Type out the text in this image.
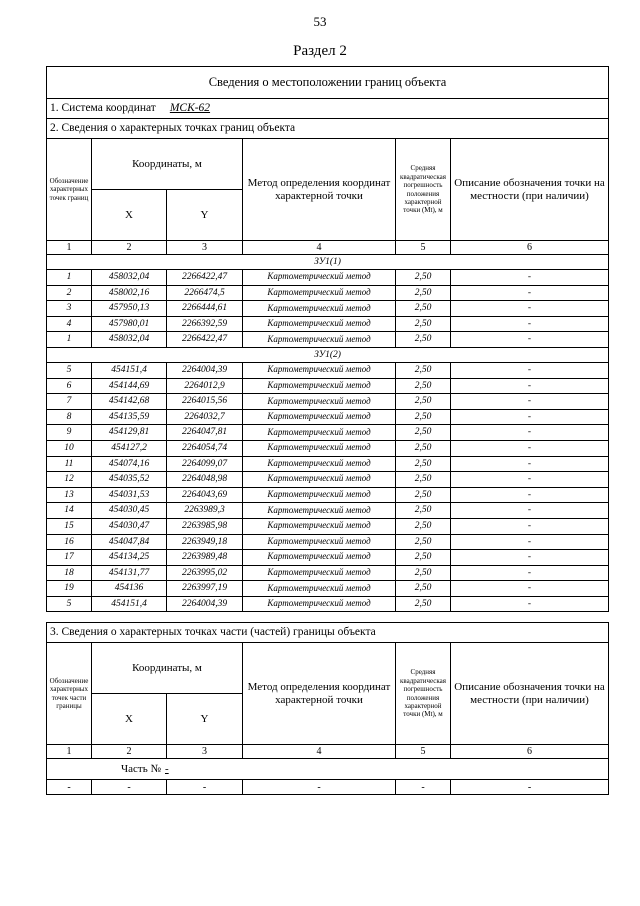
53
Раздел 2
Сведения о местоположении границ объекта					
1. Система координат МСК-62					
2. Сведения о характерных точках границ объекта					
Обозначение характерных точек границ	Координаты, м		Метод определения координат характерной точки	Средняя квадратическая погрешность положения характерной точки (Mt), м	Описание обозначения точки на местности (при наличии)
	X	Y			
1	2	3	4	5	6
ЗУ1(1)					
1	458032,04	2266422,47	Картометрический метод	2,50	-
2	458002,16	2266474,5	Картометрический метод	2,50	-
3	457950,13	2266444,61	Картометрический метод	2,50	-
4	457980,01	2266392,59	Картометрический метод	2,50	-
1	458032,04	2266422,47	Картометрический метод	2,50	-
ЗУ1(2)					
5	454151,4	2264004,39	Картометрический метод	2,50	-
6	454144,69	2264012,9	Картометрический метод	2,50	-
7	454142,68	2264015,56	Картометрический метод	2,50	-
8	454135,59	2264032,7	Картометрический метод	2,50	-
9	454129,81	2264047,81	Картометрический метод	2,50	-
10	454127,2	2264054,74	Картометрический метод	2,50	-
11	454074,16	2264099,07	Картометрический метод	2,50	-
12	454035,52	2264048,98	Картометрический метод	2,50	-
13	454031,53	2264043,69	Картометрический метод	2,50	-
14	454030,45	2263989,3	Картометрический метод	2,50	-
15	454030,47	2263985,98	Картометрический метод	2,50	-
16	454047,84	2263949,18	Картометрический метод	2,50	-
17	454134,25	2263989,48	Картометрический метод	2,50	-
18	454131,77	2263995,02	Картометрический метод	2,50	-
19	454136	2263997,19	Картометрический метод	2,50	-
5	454151,4	2264004,39	Картометрический метод	2,50	-
3. Сведения о характерных точках части (частей) границы объекта					
Обозначение характерных точек части границы	Координаты, м		Метод определения координат характерной точки	Средняя квадратическая погрешность положения характерной точки (Mt), м	Описание обозначения точки на местности (при наличии)
	X	Y			
1	2	3	4	5	6
Часть № -					
-	-	-	-	-	-
